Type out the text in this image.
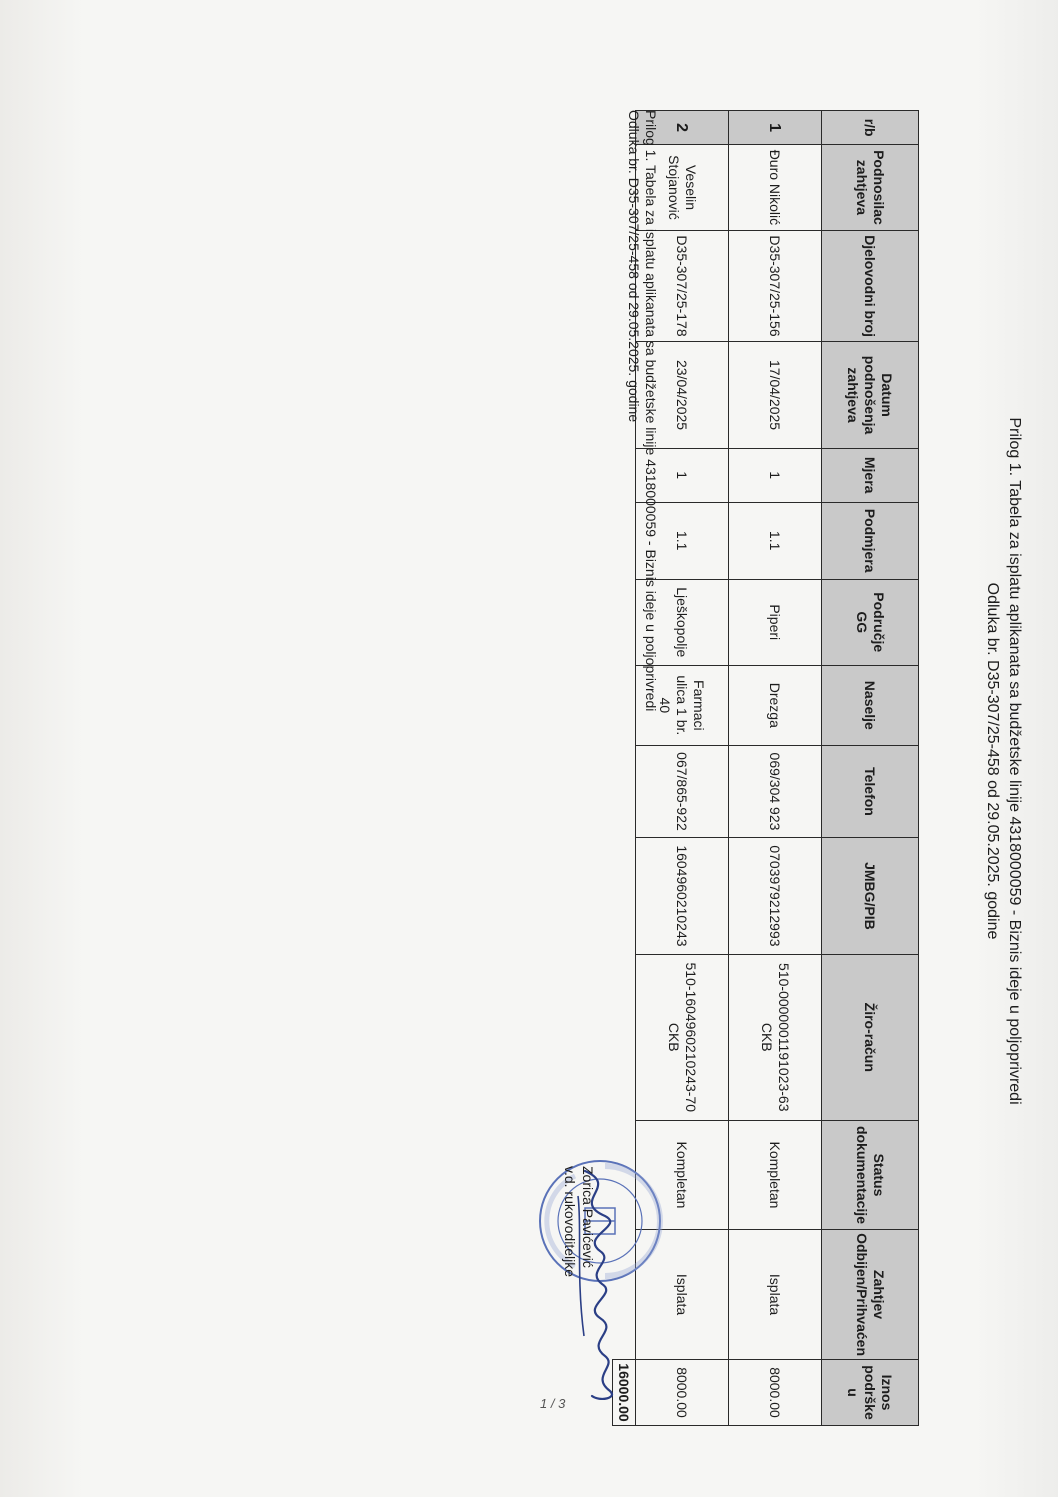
Prilog 1. Tabela za isplatu aplikanata sa budžetske linije 4318000059 - Biznis ideje u poljoprivredi
Odluka br. D35-307/25-458 od 29.05.2025. godine
r/b	Podnosilac zahtjeva	Djelovodni broj	Datum podnošenja zahtjeva	Mjera	Podmjera	Područje GG	Naselje	Telefon	JMBG/PIB	Žiro-račun	Status dokumentacije	Zahtjev Odbijen/Prihvaćen	Iznos podrške u
1	Đuro Nikolić	D35-307/25-156	17/04/2025	1	1.1	Piperi	Drezga	069/304 923	0703979212993	510-0000001191023-63 CKB	Kompletan	Isplata	8000.00
2	Veselin Stojanović	D35-307/25-178	23/04/2025	1	1.1	Lješkopolje	Farmaci ulica 1 br. 40	067/865-922	1604960210243	510-1604960210243-70 CKB	Kompletan	Isplata	8000.00
													16000.00
Prilog 1. Tabela za isplatu aplikanata sa budžetske linije 4318000059 - Biznis ideje u poljoprivredi
Odluka br. D35-307/25-458 od 29.05.2025. godine
Zorica Pavićević
v.d. rukovoditeljke
1 / 3
